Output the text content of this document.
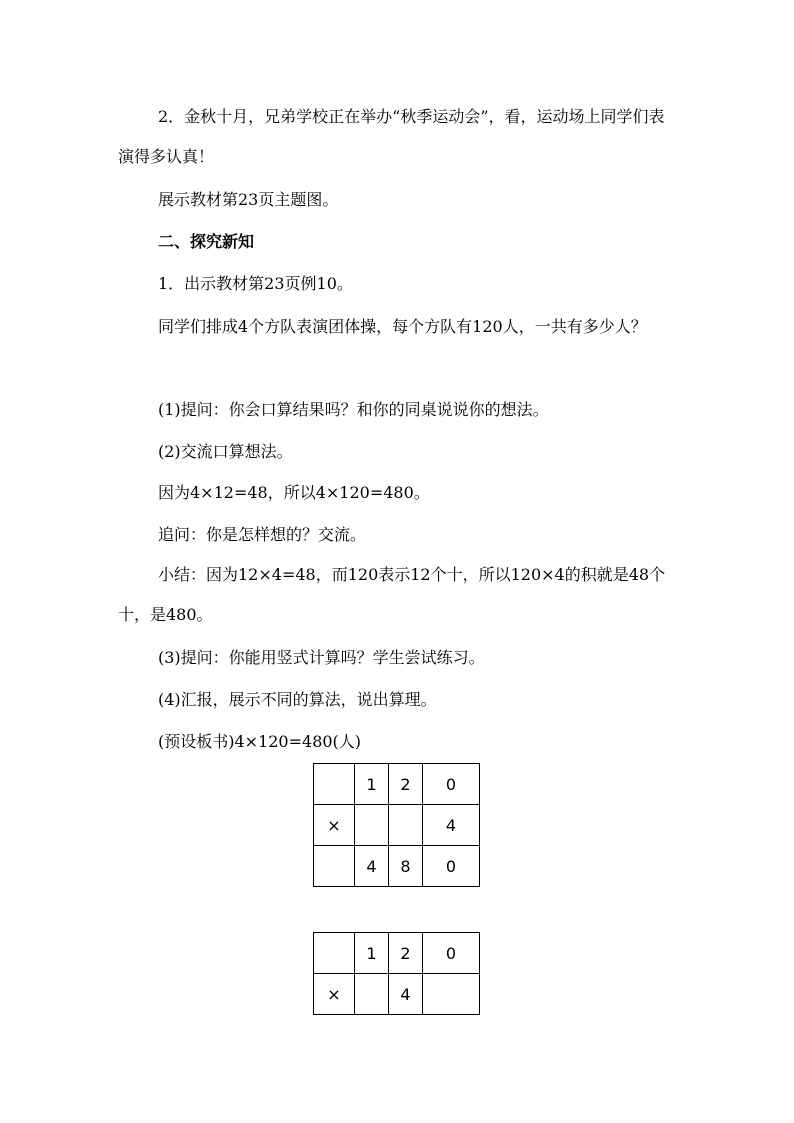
2．金秋十月，兄弟学校正在举办“秋季运动会”，看，运动场上同学们表演得多认真！
展示教材第23页主题图。
二、探究新知
1．出示教材第23页例10。
同学们排成4个方队表演团体操，每个方队有120人，一共有多少人？
(1)提问：你会口算结果吗？和你的同桌说说你的想法。
(2)交流口算想法。
因为4×12=48，所以4×120=480。
追问：你是怎样想的？交流。
小结：因为12×4=48，而120表示12个十，所以120×4的积就是48个十，是480。
(3)提问：你能用竖式计算吗？学生尝试练习。
(4)汇报，展示不同的算法，说出算理。
(预设板书)4×120=480(人)
	1	2	0
×			4
	4	8	0
	1	2	0
×		4	
